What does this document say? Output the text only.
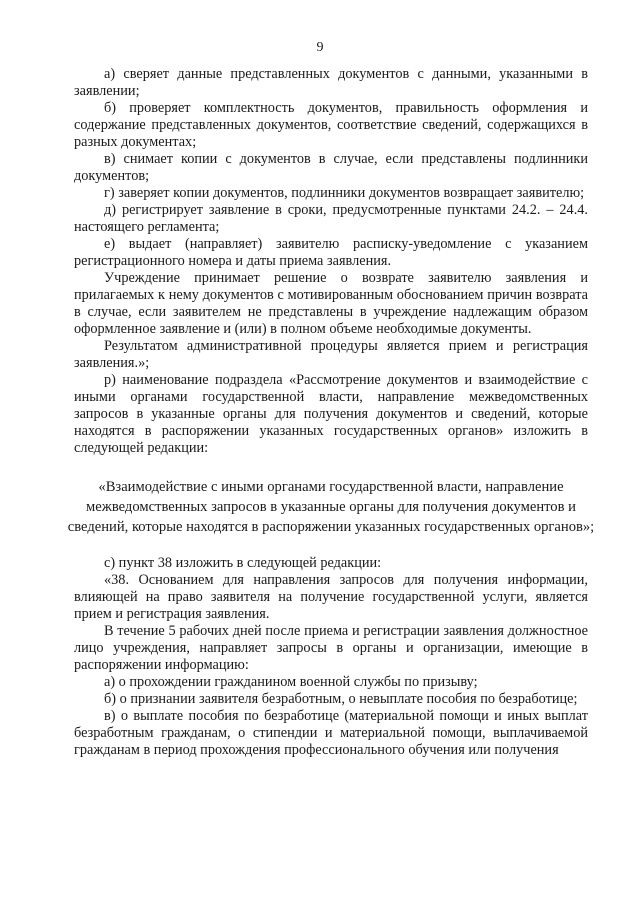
9

а) сверяет данные представленных документов с данными, указанными в заявлении;

б) проверяет комплектность документов, правильность оформления и содержание представленных документов, соответствие сведений, содержащихся в разных документах;

в) снимает копии с документов в случае, если представлены подлинники документов;

г) заверяет копии документов, подлинники документов возвращает заявителю;

д) регистрирует заявление в сроки, предусмотренные пунктами 24.2. – 24.4. настоящего регламента;

е) выдает (направляет) заявителю расписку-уведомление с указанием регистрационного номера и даты приема заявления.

Учреждение принимает решение о возврате заявителю заявления и прилагаемых к нему документов с мотивированным обоснованием причин возврата в случае, если заявителем не представлены в учреждение надлежащим образом оформленное заявление и (или) в полном объеме необходимые документы.

Результатом административной процедуры является прием и регистрация заявления.»;

р) наименование подраздела «Рассмотрение документов и взаимодействие с иными органами государственной власти, направление межведомственных запросов в указанные органы для получения документов и сведений, которые находятся в распоряжении указанных государственных органов» изложить в следующей редакции:

«Взаимодействие с иными органами государственной власти, направление межведомственных запросов в указанные органы для получения документов и сведений, которые находятся в распоряжении указанных государственных органов»;

с) пункт 38 изложить в следующей редакции:

«38. Основанием для направления запросов для получения информации, влияющей на право заявителя на получение государственной услуги, является прием и регистрация заявления.

В течение 5 рабочих дней после приема и регистрации заявления должностное лицо учреждения, направляет запросы в органы и организации, имеющие в распоряжении информацию:

а) о прохождении гражданином военной службы по призыву;

б) о признании заявителя безработным, о невыплате пособия по безработице;

в) о выплате пособия по безработице (материальной помощи и иных выплат безработным гражданам, о стипендии и материальной помощи, выплачиваемой гражданам в период прохождения профессионального обучения или получения
